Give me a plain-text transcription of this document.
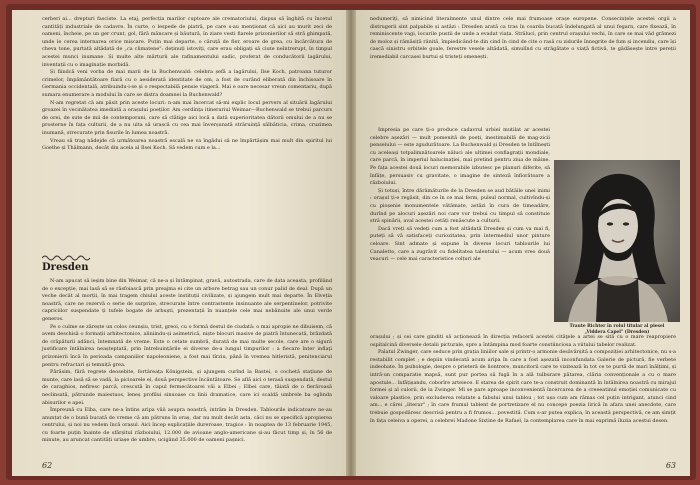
cerberi ai... drepturi fasciste. La etaj, perfecția marilor cuptoare ale crematoriului, dispus să înghită cu încetul cantități industriale de cadavre. În curte, o lespede de piatră, pe care s-au menționat că aici au murit zeci de oameni, încheie, pe un ger crunt, gol, fără mâncare și băutură, în ziare vesti fiarele prizonierilor să stră ghimpată, unde le cerea internarea orice mișcare. Puțin mai departe, o căruță de fier, eroare de grea, cu încărcătura de cheva tone, purtată altădată de „ca climatene": deținuți istoviți, care erau obligați să ciute neîntrerupt, în timpul acestei munci inumane. Și multe alte mărturii ale rafinamentului sadic, proferat de conducătorii lagărului, inventații cu o imaginație morbidă.

Și fiindcă veni vorba de mai marii de la Buchenwald: celebra șefă a lagărului, Ilse Koch, patroana tuturor crimelor, împământătoare fiară cu o aesiderată identitate de om, a fost de curând eliberată din închisoare în Germania occidentală, atribuindu-i-se și o respectabilă pensie viageră. Mai e oare necesar vreun comentariu, după sumara enumerare a modului în care se distra doamnei la Buchenwald?

N-am regretat că am păsit prin aceste locuri: n-am mai încercat să-mi explic locul pervers al situării lagărului groazei în vecinătatea imediată a orașului poeților. Am cerdința itinerariul Weimar—Buchenwald se trebui parcurs de orei, de sute de mii de contemporani, care să clătige aici locă a dată superioritatea dătorii omului de a nu se prosterne în fața culturii, de a nu uita să urască cu cea mai înverșunată străruință sălbăticia, crima, cruzimea inumană, strecurate prin fisurile în lumea noastră.

Vreau să trag nădejde că următoarea noastră escală ne va îngădui să ne împărtășim mai mult din spiritul lui Goethe și Thälmann, decât din acela al Ilsei Koch. Să vedem cum e la...

Dresden

N-am apucat să ieșim bine din Weimar, că ne-a și întâmpinat, gravă, autostrada, care de data aceasta, profilând de o excepție, mai lasă să se răsfoiască prin preajma ei cite un arbore betrag sau un conur palid de deal. După un veche decât al morții, în mai tragem chiulul aceste instituții civilizate, și ajungem mult mai departe. În Elveția noastră, care ne rezervă o serie de surprize, strecurate între contrastente insinuante ale serpentinelor, potrivite capriciilor suspendate ți tufele bogate de arbuști, prezentații în nuanțele cele mai nebănuite ale unui verde generos.

Pe o culme se zărește un colos ceunșiu, trist, greoi, cu o formă destul de ciudată: o mai apropie ne dibuisem, că avem deschisă o formații arhitectonice, aliniindu-și asimetrică, niște blocuri masive de piatră întunecată, brăzdată de crăpăturii adânci, întemnată de vreme. Este o cetate sumbră, durată de mai multe secole, care are o sigură justificare întâlnirea neașteptată, prin întrebuințările ei diverse de-a lungul timpurilor : a fiecare înter inflaţi prizonierii încă în perioada campaniilor napoleoniene, a fost mai tîrziu, până în vremea hitleristă, penitenciarul pentru refractari și temniță grea.

Părăsim, fără regrete deosebite, fortăreața Königstein, și ajungem curînd la Bastei, o cochetă stațiune de munte, care lasă să se vadă, la picioarele ei, două perspective încântătoare. Se află aici o terasă suspendată, destul de caraghios, nefiresc parcă, crescută în capul fermecătoarei văi a Elbei ; Elbei care, tăiată de o fierăroasă neclinsată, pătrunde maiestuos, leneș profilui sinuoase cu linii dramatice, care ici scaldă umbrele ba oglinda abisurilor e apei.

Împreună cu Elba, care ne-a întins aripa văii asupra noastră, intrăm în Dresden. Tablourile indicatoare ne-au anunțat de o bună bucată de vreme că am pătruns în oraș, dar nu mult decât asta, căci nu se specifică apropierea centrului, și noi nu vedem încă orașul. Aici încep explicațiile dureroase, tragice : în noaptea de 13 februarie 1945, cu foarte puțin înainte de sfârșitul războiului, 12.000 de avioane anglo-americane și-au făcut timp și, în 56 de minute, au aruncat cantități uriașe de umbre, ucigând 35.000 de oameni pașnici.

62

nedumeriți, să nimicind literalmente unul dintre cele mai frumoase orașe europene. Consecințele acestei orgii a distrugerii sint palpabile și astăzi : Dresden arată ca tras în coarda bucată îndelungată al unui fegarn, care fixează, în reminiscente vagi, locurile pustii de unde a evadat viața. Străluci, prin centrul orașului vechi, în care se mai văd grămezi de moloz și rămăsiță rănită, împiedicând-te din cind în cind de cite o rasă cu zidurile înnegrite de fum și incendiu, care își cască sinistru orbitele goale, ferestre vesele altădată, simulînd cu străgătate o viață fictivă, te gâdăsește intre pereții iremediabil carcasei burtui și tristeți omenești.

Impresia pe care ți-o produce cadavrul urbiei mutilat ar acestei celebre așezări — mult pomenită de poeți, inestimabilă de mag-zicii penselului — este zgudurătoare. La Buchenwald și Dresden te întîlnești cu aceleași totpalimnătoarele năluci ale ultimei conflagrații mondiale, care parcă, în imperiul halucinației, mai pretind pentru ziua de mâine. Pe fața acestei două locuri memorabile izbutesc pe planuri diferite, să înfățe, persuasiv cu gravitate, o imagine de sinteză înfiorătoare a războiului.

Și totuși, între dărâmăturile de la Dresden se aud bătăile unei inimi : orașul ți-e regăsit, din ce în ce mai ferm, pulsul normal, cultivîndu-și cu pioșenie monumentele vătămate, astăzi în cura de timeadăre, durînd pe alocuri așezări noi care vor trebui cu timpul să constituie stră spinării, aval acestei cetăți renăscute a culturii.

Dacă vreți să vedeți cum a fost altădată Dresden și cum va mai fi, puteți să vă satisfaceți curiozitatea, prin intermediul unor pinture celoare. Sint admate și expune în diverse locuri tablourile lui Canaletto, care a zugrăvit cu fidelitatea talentului — acum vreo două veacuri — cele mai caracteristice colțuri ale

Traute Richter în rolul titular al piesei
„Viddera Capel" (Dresden)

orașului ; și cei care ginditi să acționează în direcția refacerii acestei cităţele a artei se sită cu o mare reapropiere ospitalcină diversele detalii picturale, spre a întâmpina mod foarte constiinciosa a viitului tabelor realizat.

Palatul Zwinger, care seduce prin grația liniilor sale și printr-o armonie desăvârșită a compoziției arhitectonice, nu s-a restabilit complet ; e depiin vindecată acum aripa în care a fost așezată inconfundata Galerie de pictură, fie verbete indeobate. În psihologie, despre o prieteră de liontrere, muncitorii care te vizitează în tot ce te purtă de mari înălțimi, și intră-un comparatie mapsă, sunt pur portea să fugă în a ală tulburare pătarea, clăria convenționale a cu o mare apostule... înfățișandu, coborîre arteiece. E starea de spirit care te-a construit dominantă în întâlnirea noastră cu mirajul formei și al culorii, de la Zwinger. Mi se pare aproape inconvenientă încercarea de a creeeatinul emoției comunicate cu valoare plastice, prin excluderea relatate a fabului unui tablou ; tot ușa cum am rămas cel puțin intrigant, atunci cind am... e cărei „literar" ; în care frumul tablent de portretizare el nu concepe poezia lirică în afara unei anecdote, care trebuie gospodăresc descrisă pentru a fi frumos... povestită. Cum s-ar putea explica, în această perspectivă, ce am simțit în fața celeiva a operei, a celebrei Madone Sixtine de Rafael, la contemplarea care în mai exprimă iluzia acestui desen.

63
